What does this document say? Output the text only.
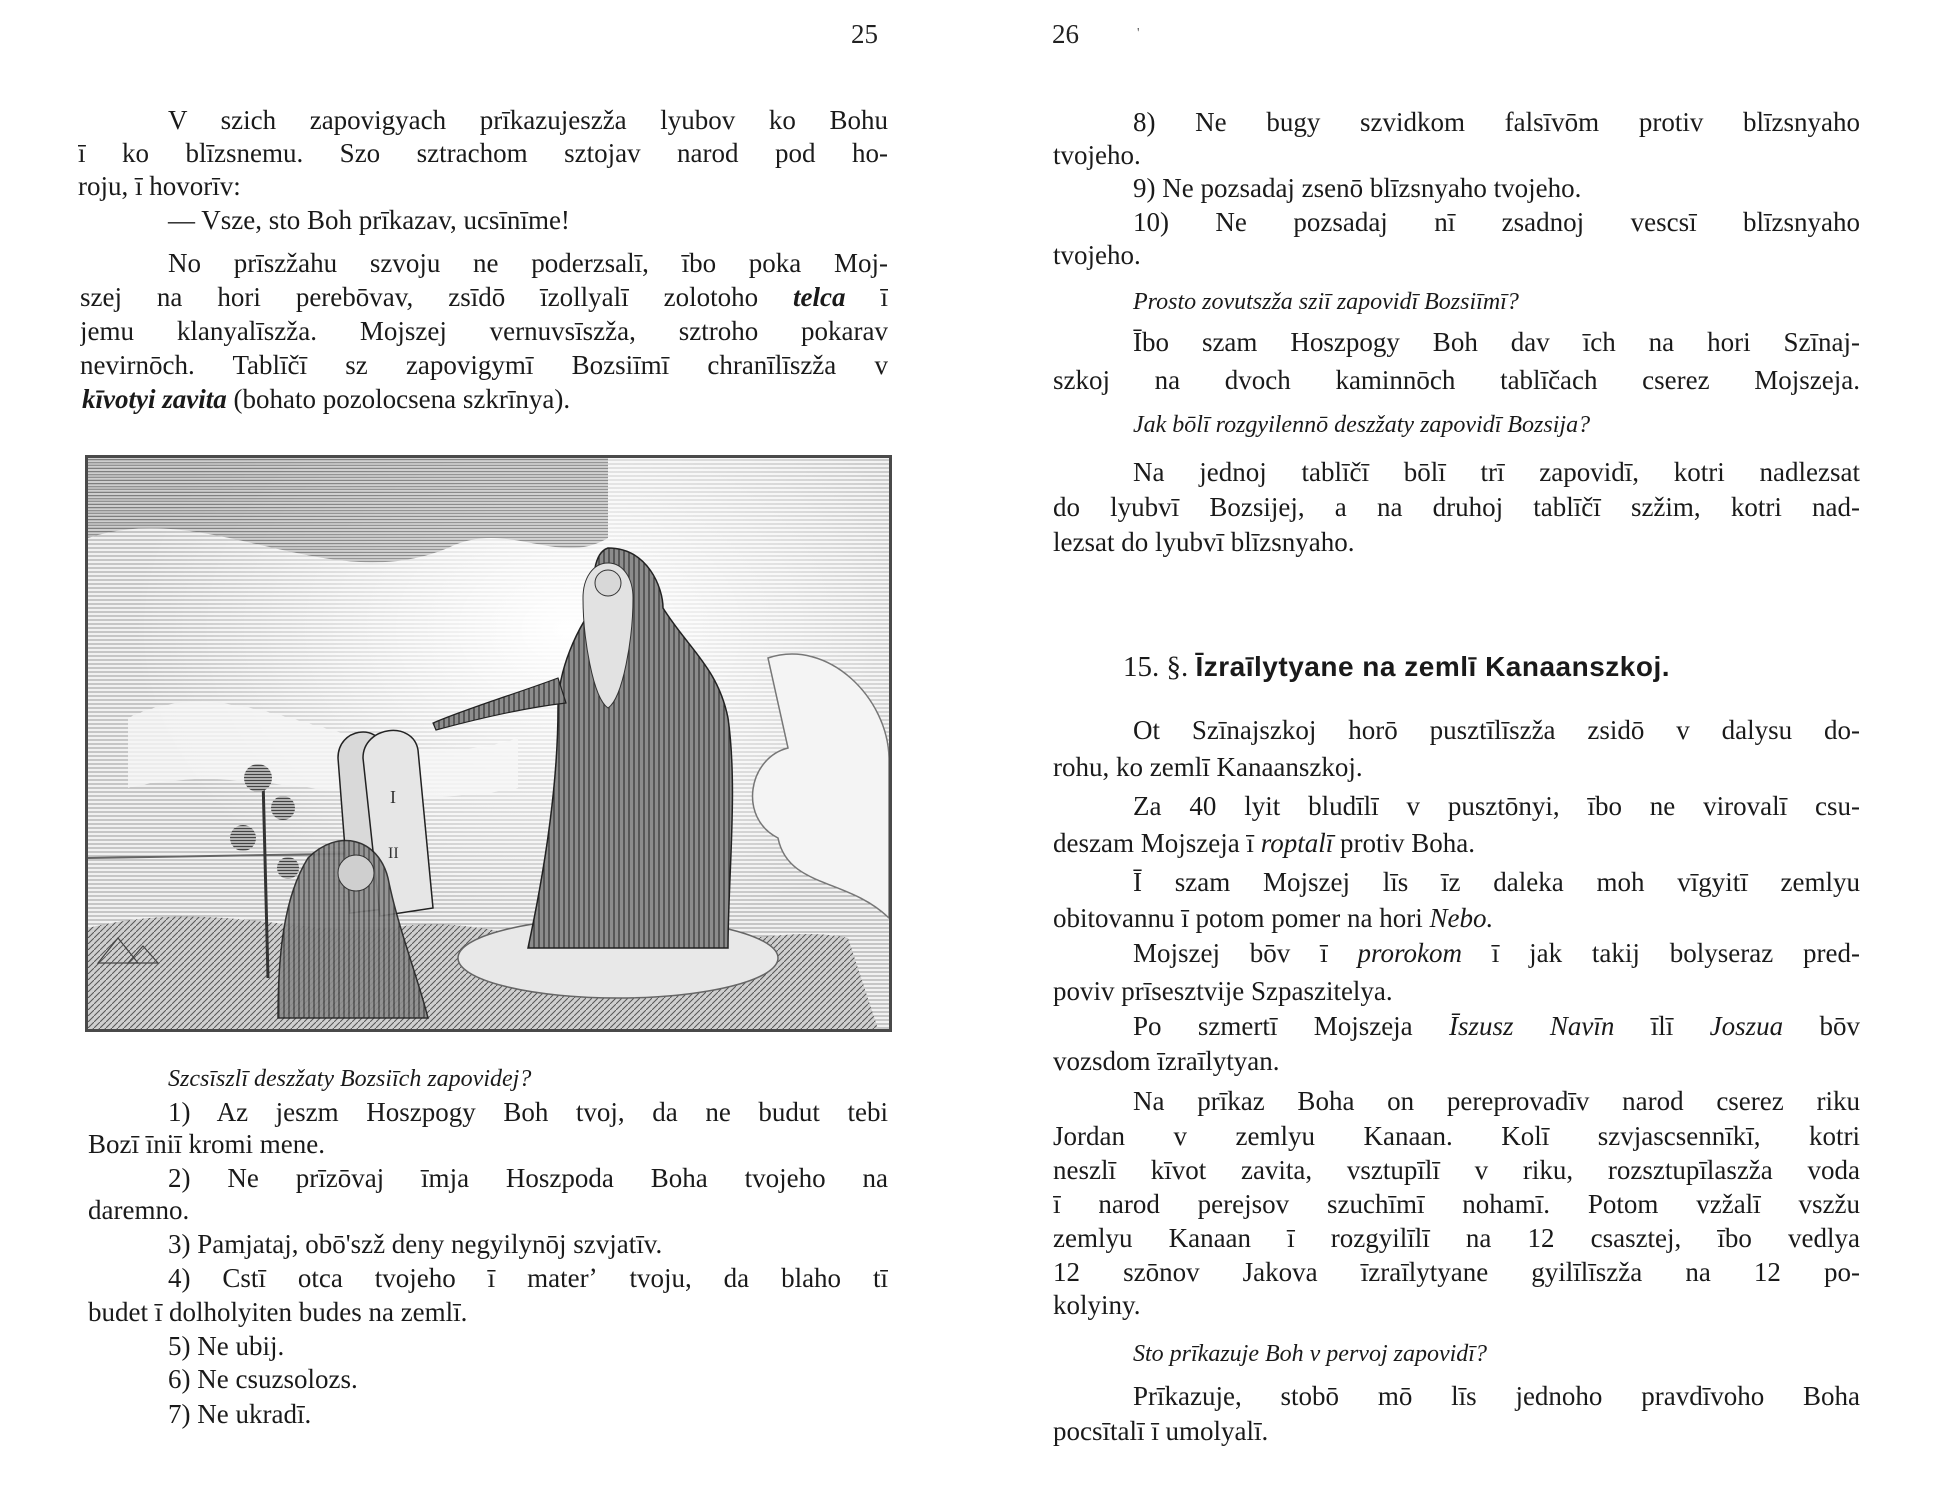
25
V szich zapovigyach prīkazujeszža lyubov ko Bohu
ī ko blīzsnemu. Szo sztrachom sztojav narod pod ho-
roju, ī hovorīv:
— Vsze, sto Boh prīkazav, ucsīnīme!
No prīszžahu szvoju ne poderzsalī, ībo poka Moj-
szej na hori perebōvav, zsīdō īzollyalī zolotoho telca ī
jemu klanyalīszža. Mojszej vernuvsīszža, sztroho pokarav
nevirnōch. Tablīčī sz zapovigymī Bozsiīmī chranīlīszža v
kīvotyi zavita (bohato pozolocsena szkrīnya).
I
II
Szcsīszlī deszžaty Bozsiīch zapovidej?
1) Az jeszm Hoszpogy Boh tvoj, da ne budut tebi
Bozī īniī kromi mene.
2) Ne prīzōvaj īmja Hoszpoda Boha tvojeho na
daremno.
3) Pamjataj, obō'szž deny negyilynōj szvjatīv.
4) Cstī otca tvojeho ī materʼ tvoju, da blaho tī
budet ī dolholyiten budes na zemlī.
5) Ne ubij.
6) Ne csuzsolozs.
7) Ne ukradī.
26	'
8) Ne bugy szvidkom falsīvōm protiv blīzsnyaho
tvojeho.
9) Ne pozsadaj zsenō blīzsnyaho tvojeho.
10) Ne pozsadaj nī zsadnoj vescsī blīzsnyaho
tvojeho.
Prosto zovutszža sziī zapovidī Bozsiīmī?
Ībo szam Hoszpogy Boh dav īch na hori Szīnaj-
szkoj na dvoch kaminnōch tablīčach cserez Mojszeja.
Jak bōlī rozgyilennō deszžaty zapovidī Bozsija?
Na jednoj tablīčī bōlī trī zapovidī, kotri nadlezsat
do lyubvī Bozsijej, a na druhoj tablīčī szžim, kotri nad-
lezsat do lyubvī blīzsnyaho.
15. §. Īzraīlytyane na zemlī Kanaanszkoj.
Ot Szīnajszkoj horō pusztīlīszža zsidō v dalysu do-
rohu, ko zemlī Kanaanszkoj.
Za 40 lyit bludīlī v pusztōnyi, ībo ne virovalī csu-
deszam Mojszeja ī roptalī protiv Boha.
Ī szam Mojszej līs īz daleka moh vīgyitī zemlyu
obitovannu ī potom pomer na hori Nebo.
Mojszej bōv ī prorokom ī jak takij bolyseraz pred-
poviv prīsesztvije Szpaszitelya.
Po szmertī Mojszeja Īszusz Navīn īlī Joszua bōv
vozsdom īzraīlytyan.
Na prīkaz Boha on pereprovadīv narod cserez riku
Jordan v zemlyu Kanaan. Kolī szvjascsennīkī, kotri
neszlī kīvot zavita, vsztupīlī v riku, rozsztupīlaszža voda
ī narod perejsov szuchīmī nohamī. Potom vzžalī vszžu
zemlyu Kanaan ī rozgyilīlī na 12 csasztej, ībo vedlya
12 szōnov Jakova īzraīlytyane gyilīlīszža na 12 po-
kolyiny.
Sto prīkazuje Boh v pervoj zapovidī?
Prīkazuje, stobō mō līs jednoho pravdīvoho Boha
pocsītalī ī umolyalī.
